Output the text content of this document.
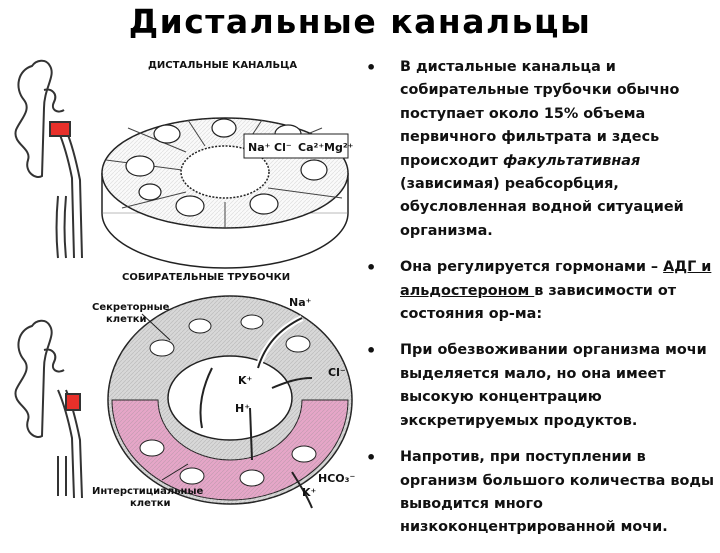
Дистальные канальцы
ДИСТАЛЬНЫЕ КАНАЛЬЦА
Na⁺ Cl⁻ Ca²⁺ Mg²⁺
СОБИРАТЕЛЬНЫЕ ТРУБОЧКИ
Na⁺
K⁺
Cl⁻
H⁺
HCO₃⁻
K⁺
Секреторные
клетки
Интерстициальные
клетки
• В дистальные канальца и собирательные трубочки обычно поступает около 15% объема первичного фильтрата и здесь происходит факультативная (зависимая) реабсорбция, обусловленная водной ситуацией организма.
• Она регулируется гормонами – АДГ и альдостероном в зависимости от состояния ор-ма:
• При обезвоживании организма мочи выделяется мало, но она имеет высокую концентрацию экскретируемых продуктов.
• Напротив, при поступлении в организм большого количества воды выводится много низкоконцентрированной мочи.
